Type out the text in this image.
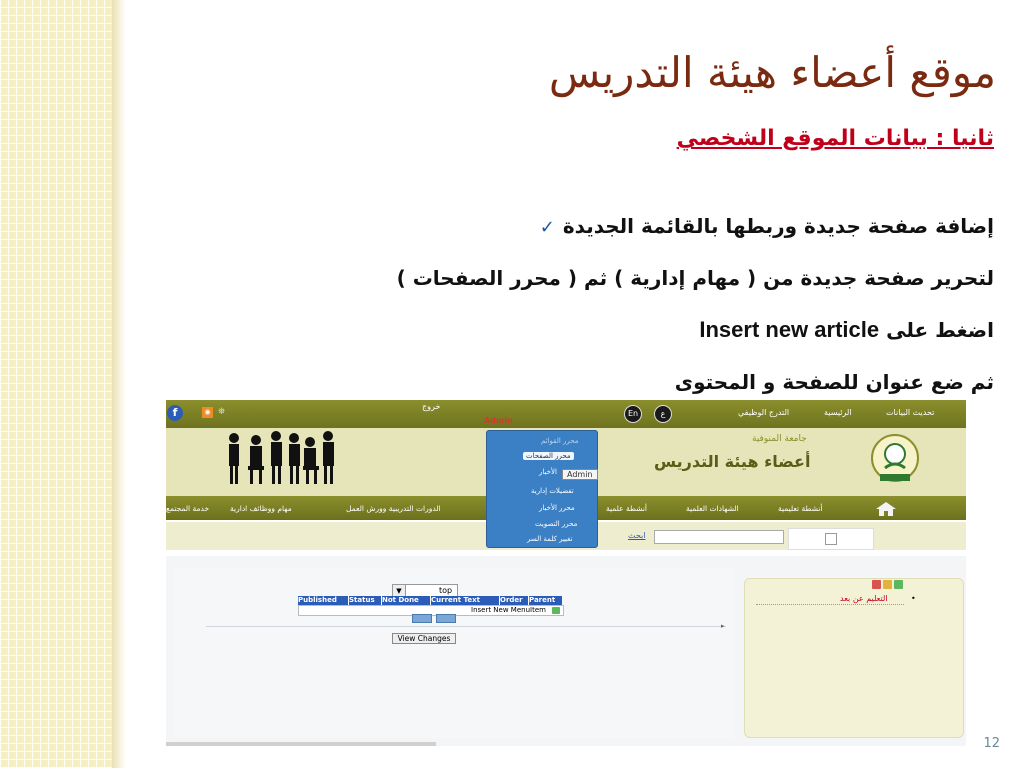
موقع أعضاء هيئة التدريس
ثانيا : بيانات الموقع الشخصي
إضافة صفحة جديدة وربطها بالقائمة الجديدة✓
لتحرير صفحة جديدة من ( مهام إدارية ) ثم ( محرر الصفحات )
اضغط على Insert new article
ثم ضع عنوان للصفحة و المحتوى
12
f	◉ ⛯
خروج
En	ع
Admin
التدرج الوظيفي	الرئيسية	تحديث البيانات
جامعة المنوفية
أعضاء هيئة التدريس
خدمة المجتمع	مهام ووظائف ادارية	الدورات التدريبية وورش العمل	أنشطة علمية	الشهادات العلمية	أنشطة تعليمية
ابحث
محرر القوائم
محرر الصفحات
الأخبار
تفضيلات إدارية
محرر الأخبار
محرر التصويت
تغيير كلمة السر
Admin
▸
▼	top
Published	Status	Not Done	Current Text	Order Parent
Insert New MenuItem
View Changes
التعليم عن بعد	•
